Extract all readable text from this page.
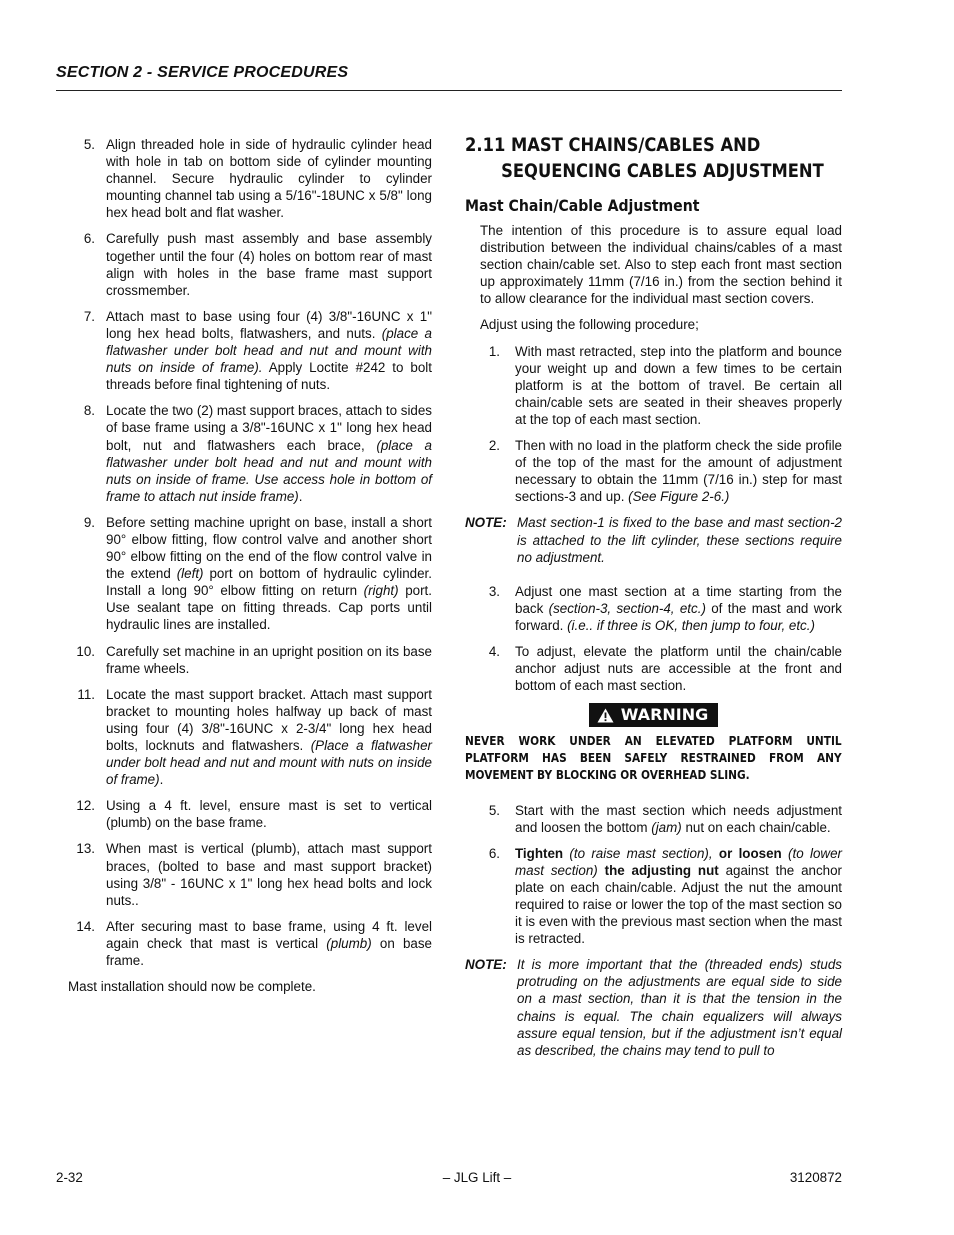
SECTION 2 - SERVICE PROCEDURES
5. Align threaded hole in side of hydraulic cylinder head with hole in tab on bottom side of cylinder mounting channel. Secure hydraulic cylinder to cylinder mounting channel tab using a 5/16"-18UNC x 5/8" long hex head bolt and flat washer.
6. Carefully push mast assembly and base assembly together until the four (4) holes on bottom rear of mast align with holes in the base frame mast support crossmember.
7. Attach mast to base using four (4) 3/8"-16UNC x 1" long hex head bolts, flatwashers, and nuts. (place a flatwasher under bolt head and nut and mount with nuts on inside of frame). Apply Loctite #242 to bolt threads before final tightening of nuts.
8. Locate the two (2) mast support braces, attach to sides of base frame using a 3/8"-16UNC x 1" long hex head bolt, nut and flatwashers each brace, (place a flatwasher under bolt head and nut and mount with nuts on inside of frame. Use access hole in bottom of frame to attach nut inside frame).
9. Before setting machine upright on base, install a short 90° elbow fitting, flow control valve and another short 90° elbow fitting on the end of the flow control valve in the extend (left) port on bottom of hydraulic cylinder. Install a long 90° elbow fitting on return (right) port. Use sealant tape on fitting threads. Cap ports until hydraulic lines are installed.
10. Carefully set machine in an upright position on its base frame wheels.
11. Locate the mast support bracket. Attach mast support bracket to mounting holes halfway up back of mast using four (4) 3/8"-16UNC x 2-3/4" long hex head bolts, locknuts and flatwashers. (Place a flatwasher under bolt head and nut and mount with nuts on inside of frame).
12. Using a 4 ft. level, ensure mast is set to vertical (plumb) on the base frame.
13. When mast is vertical (plumb), attach mast support braces, (bolted to base and mast support bracket) using 3/8" - 16UNC x 1" long hex head bolts and lock nuts..
14. After securing mast to base frame, using 4 ft. level again check that mast is vertical (plumb) on base frame.
Mast installation should now be complete.
2.11 MAST CHAINS/CABLES AND
SEQUENCING CABLES ADJUSTMENT
Mast Chain/Cable Adjustment
The intention of this procedure is to assure equal load distribution between the individual chains/cables of a mast section chain/cable set. Also to step each front mast section up approximately 11mm (7/16 in.) from the section behind it to allow clearance for the individual mast section covers.
Adjust using the following procedure;
1. With mast retracted, step into the platform and bounce your weight up and down a few times to be certain platform is at the bottom of travel. Be certain all chain/cable sets are seated in their sheaves properly at the top of each mast section.
2. Then with no load in the platform check the side profile of the top of the mast for the amount of adjustment necessary to obtain the 11mm (7/16 in.) step for mast sections-3 and up. (See Figure 2-6.)
NOTE: Mast section-1 is fixed to the base and mast section-2 is attached to the lift cylinder, these sections require no adjustment.
3. Adjust one mast section at a time starting from the back (section-3, section-4, etc.) of the mast and work forward. (i.e.. if three is OK, then jump to four, etc.)
4. To adjust, elevate the platform until the chain/cable anchor adjust nuts are accessible at the front and bottom of each mast section.
WARNING
NEVER WORK UNDER AN ELEVATED PLATFORM UNTIL PLATFORM HAS BEEN SAFELY RESTRAINED FROM ANY MOVEMENT BY BLOCKING OR OVERHEAD SLING.
5. Start with the mast section which needs adjustment and loosen the bottom (jam) nut on each chain/cable.
6. Tighten (to raise mast section), or loosen (to lower mast section) the adjusting nut against the anchor plate on each chain/cable. Adjust the nut the amount required to raise or lower the top of the mast section so it is even with the previous mast section when the mast is retracted.
NOTE: It is more important that the (threaded ends) studs protruding on the adjustments are equal side to side on a mast section, than it is that the tension in the chains is equal. The chain equalizers will always assure equal tension, but if the adjustment isn’t equal as described, the chains may tend to pull to
2-32	– JLG Lift –	3120872
